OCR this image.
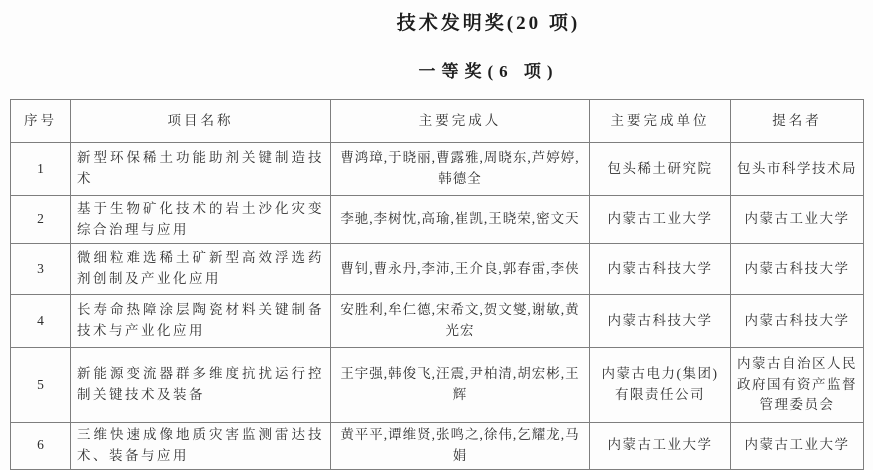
技术发明奖(20 项)
一等奖(6 项)
序号	项目名称	主要完成人	主要完成单位	提名者
1	新型环保稀土功能助剂关键制造技术	曹鸿璋,于晓丽,曹露雅,周晓东,芦婷婷,韩德全	包头稀土研究院	包头市科学技术局
2	基于生物矿化技术的岩土沙化灾变综合治理与应用	李驰,李树忱,高瑜,崔凯,王晓荣,密文天	内蒙古工业大学	内蒙古工业大学
3	微细粒难选稀土矿新型高效浮选药剂创制及产业化应用	曹钊,曹永丹,李沛,王介良,郭春雷,李侠	内蒙古科技大学	内蒙古科技大学
4	长寿命热障涂层陶瓷材料关键制备技术与产业化应用	安胜利,牟仁德,宋希文,贺文燮,谢敏,黄光宏	内蒙古科技大学	内蒙古科技大学
5	新能源变流器群多维度抗扰运行控制关键技术及装备	王宇强,韩俊飞,汪震,尹柏清,胡宏彬,王辉	内蒙古电力(集团)有限责任公司	内蒙古自治区人民政府国有资产监督管理委员会
6	三维快速成像地质灾害监测雷达技术、装备与应用	黄平平,谭维贤,张鸣之,徐伟,乞耀龙,马娟	内蒙古工业大学	内蒙古工业大学
